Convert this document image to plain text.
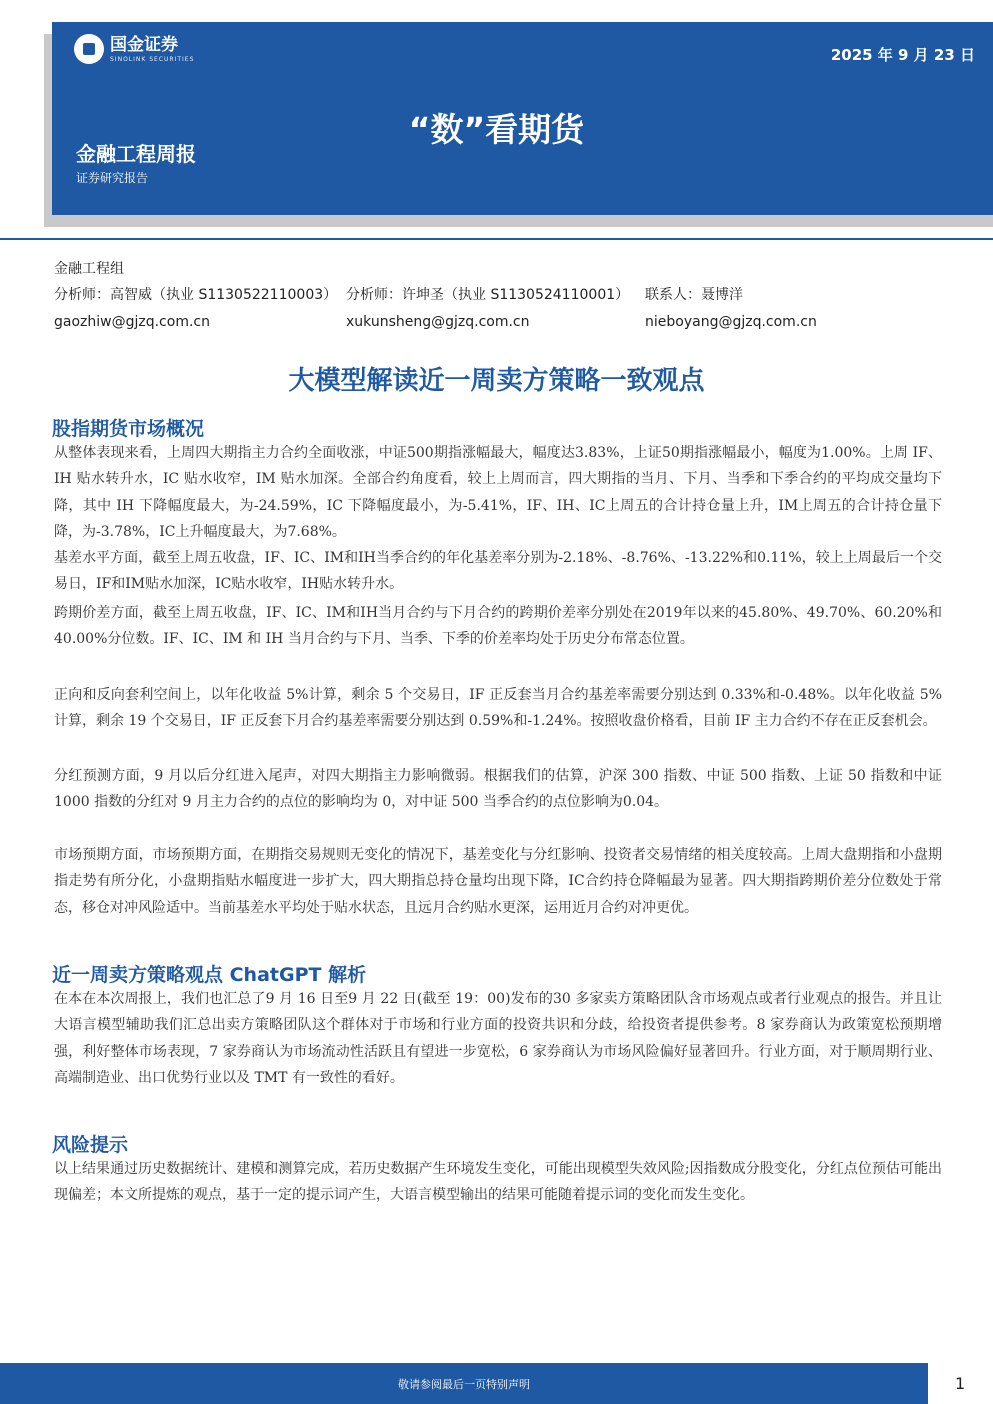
国金证券
SINOLINK SECURITIES	2025 年 9 月 23 日
“数”看期货
金融工程周报
证券研究报告
金融工程组
分析师：高智威（执业 S1130522110003） 分析师：许坤圣（执业 S1130524110001） 联系人：聂博洋
gaozhiw@gjzq.com.cn	xukunsheng@gjzq.com.cn	nieboyang@gjzq.com.cn
大模型解读近一周卖方策略一致观点
股指期货市场概况
从整体表现来看，上周四大期指主力合约全面收涨，中证500期指涨幅最大，幅度达3.83%，上证50期指涨幅最小，幅度为1.00%。上周 IF、IH 贴水转升水，IC 贴水收窄，IM 贴水加深。全部合约角度看，较上上周而言，四大期指的当月、下月、当季和下季合约的平均成交量均下降，其中 IH 下降幅度最大，为-24.59%，IC 下降幅度最小，为-5.41%，IF、IH、IC上周五的合计持仓量上升，IM上周五的合计持仓量下降，为-3.78%，IC上升幅度最大，为7.68%。
基差水平方面，截至上周五收盘，IF、IC、IM和IH当季合约的年化基差率分别为-2.18%、-8.76%、-13.22%和0.11%，较上上周最后一个交易日，IF和IM贴水加深，IC贴水收窄，IH贴水转升水。
跨期价差方面，截至上周五收盘，IF、IC、IM和IH当月合约与下月合约的跨期价差率分别处在2019年以来的45.80%、49.70%、60.20%和40.00%分位数。IF、IC、IM 和 IH 当月合约与下月、当季、下季的价差率均处于历史分布常态位置。
正向和反向套利空间上，以年化收益 5%计算，剩余 5 个交易日，IF 正反套当月合约基差率需要分别达到 0.33%和-0.48%。以年化收益 5%计算，剩余 19 个交易日，IF 正反套下月合约基差率需要分别达到 0.59%和-1.24%。按照收盘价格看，目前 IF 主力合约不存在正反套机会。
分红预测方面，9 月以后分红进入尾声，对四大期指主力影响微弱。根据我们的估算，沪深 300 指数、中证 500 指数、上证 50 指数和中证 1000 指数的分红对 9 月主力合约的点位的影响均为 0，对中证 500 当季合约的点位影响为0.04。
市场预期方面，市场预期方面，在期指交易规则无变化的情况下，基差变化与分红影响、投资者交易情绪的相关度较高。上周大盘期指和小盘期指走势有所分化，小盘期指贴水幅度进一步扩大，四大期指总持仓量均出现下降，IC合约持仓降幅最为显著。四大期指跨期价差分位数处于常态，移仓对冲风险适中。当前基差水平均处于贴水状态，且远月合约贴水更深，运用近月合约对冲更优。
近一周卖方策略观点 ChatGPT 解析
在本在本次周报上，我们也汇总了9 月 16 日至9 月 22 日(截至 19：00)发布的30 多家卖方策略团队含市场观点或者行业观点的报告。并且让大语言模型辅助我们汇总出卖方策略团队这个群体对于市场和行业方面的投资共识和分歧，给投资者提供参考。8 家券商认为政策宽松预期增强，利好整体市场表现，7 家券商认为市场流动性活跃且有望进一步宽松，6 家券商认为市场风险偏好显著回升。行业方面，对于顺周期行业、高端制造业、出口优势行业以及 TMT 有一致性的看好。
风险提示
以上结果通过历史数据统计、建模和测算完成，若历史数据产生环境发生变化，可能出现模型失效风险;因指数成分股变化，分红点位预估可能出现偏差；本文所提炼的观点，基于一定的提示词产生，大语言模型输出的结果可能随着提示词的变化而发生变化。
敬请参阅最后一页特别声明	1
